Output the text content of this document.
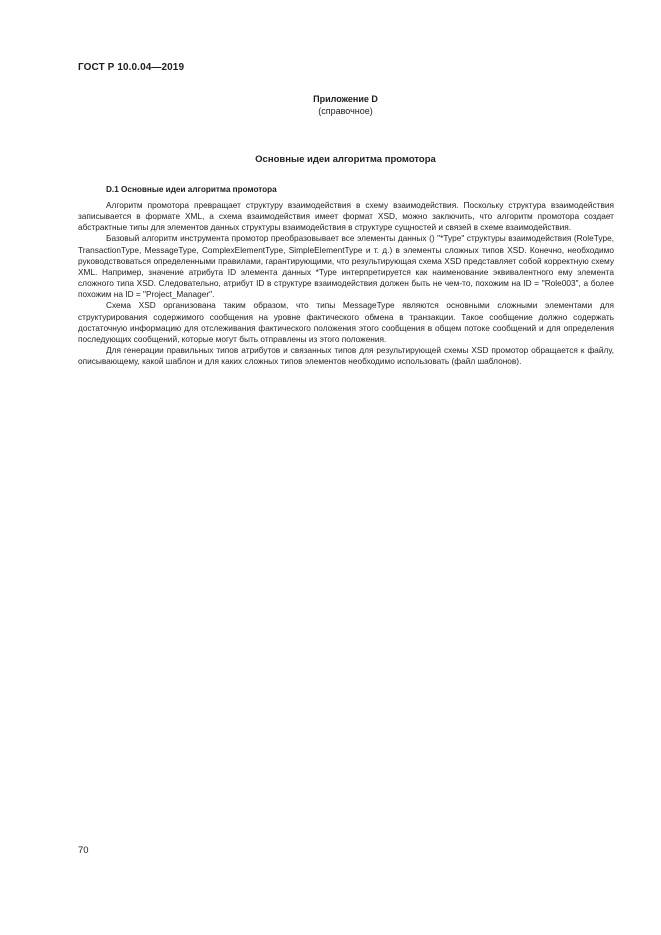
ГОСТ Р 10.0.04—2019
Приложение D
(справочное)
Основные идеи алгоритма промотора
D.1 Основные идеи алгоритма промотора

Алгоритм промотора превращает структуру взаимодействия в схему взаимодействия. Поскольку структура взаимодействия записывается в формате XML, а схема взаимодействия имеет формат XSD, можно заключить, что алгоритм промотора создает абстрактные типы для элементов данных структуры взаимодействия в структуре сущностей и связей в схеме взаимодействия.

Базовый алгоритм инструмента промотор преобразовывает все элементы данных () "*Type" структуры взаимодействия (RoleType, TransactionType, MessageType, ComplexElementType, SimpleElementType и т. д.) в элементы сложных типов XSD. Конечно, необходимо руководствоваться определенными правилами, гарантирующими, что результирующая схема XSD представляет собой корректную схему XML. Например, значение атрибута ID элементa данных *Type интерпретируется как наименование эквивалентного ему элемента сложного типа XSD. Следовательно, атрибут ID в структуре взаимодействия должен быть не чем-то, похожим на ID = "Role003", а более похожим на ID = "Project_Manager".

Схема XSD организована таким образом, что типы MessageType являются основными сложными элементами для структурирования содержимого сообщения на уровне фактического обмена в транзакции. Такое сообщение должно содержать достаточную информацию для отслеживания фактического положения этого сообщения в общем потоке сообщений и для определения последующих сообщений, которые могут быть отправлены из этого положения.

Для генерации правильных типов атрибутов и связанных типов для результирующей схемы XSD промотор обращается к файлу, описывающему, какой шаблон и для каких сложных типов элементов необходимо использовать (файл шаблонов).

70
